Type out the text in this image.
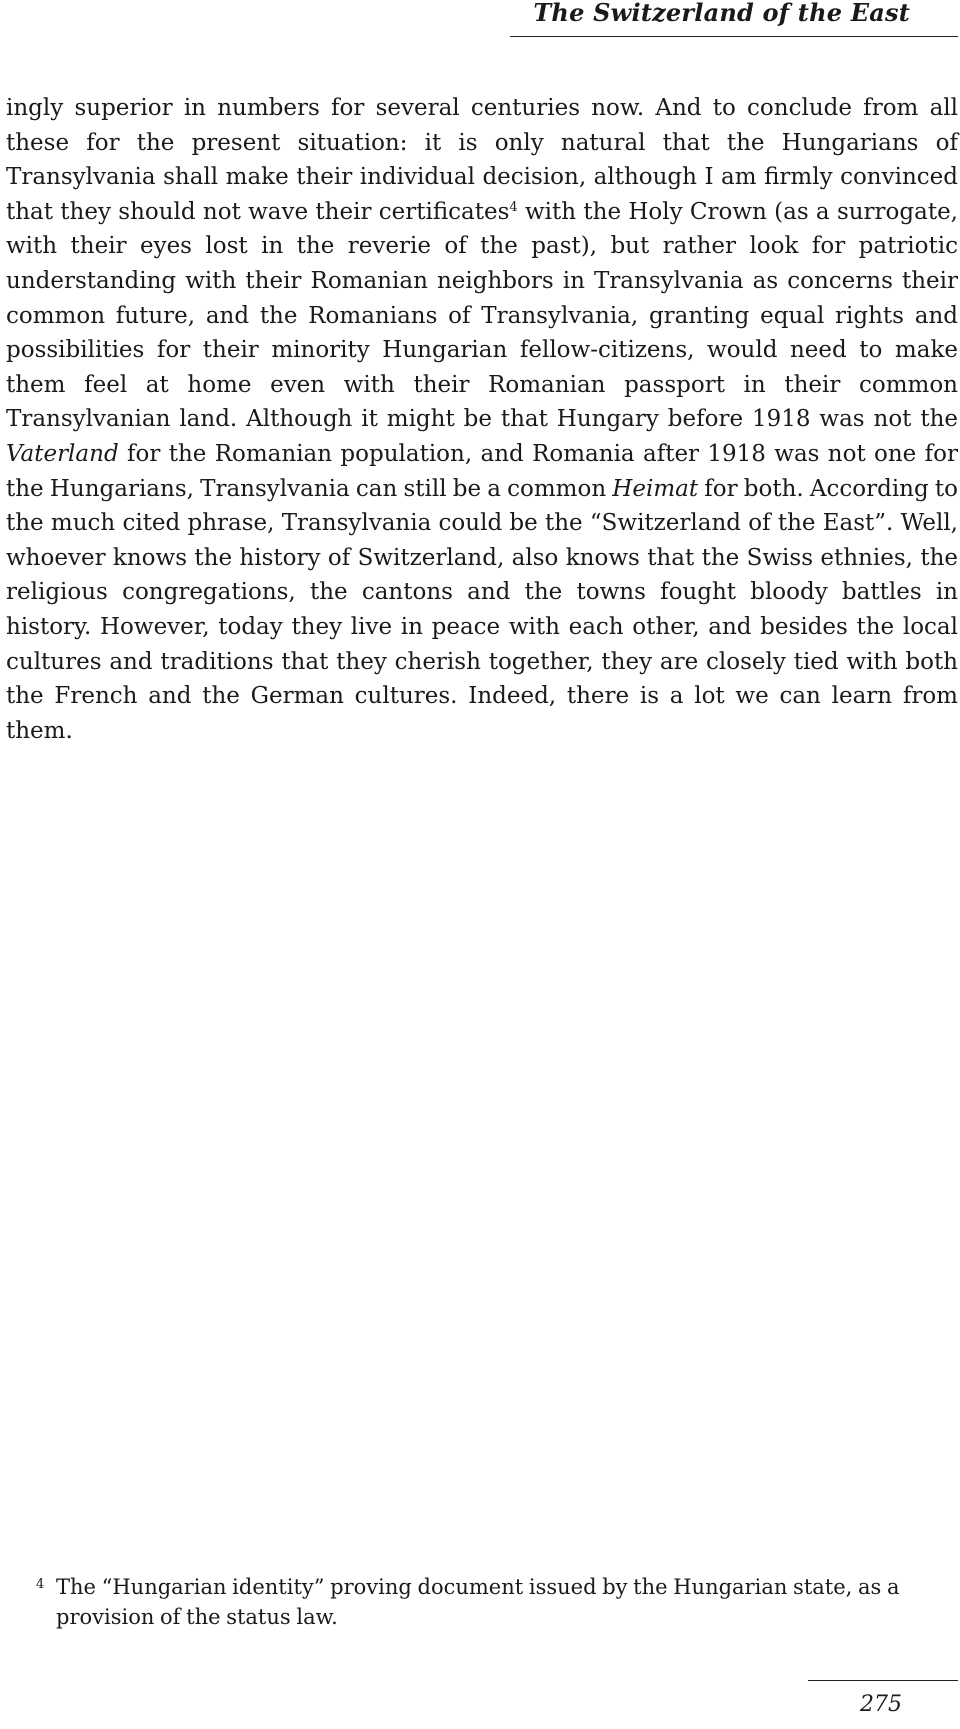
The Switzerland of the East

ingly superior in numbers for several centuries now. And to conclude from all these for the present situation: it is only natural that the Hungarians of Transylvania shall make their individual decision, although I am firmly convinced that they should not wave their certificates$^4$ with the Holy Crown (as a surrogate, with their eyes lost in the reverie of the past), but rather look for patriotic understanding with their Romanian neighbors in Transylvania as concerns their common future, and the Romanians of Transylvania, granting equal rights and possibilities for their minority Hungarian fellow-citizens, would need to make them feel at home even with their Romanian passport in their common Transylvanian land. Although it might be that Hungary before 1918 was not the Vaterland for the Romanian population, and Romania after 1918 was not one for the Hungarians, Transylvania can still be a common Heimat for both. According to the much cited phrase, Transylvania could be the “Switzerland of the East”. Well, whoever knows the history of Switzerland, also knows that the Swiss ethnies, the religious congregations, the cantons and the towns fought bloody battles in history. However, today they live in peace with each other, and besides the local cultures and traditions that they cherish together, they are closely tied with both the French and the German cultures. Indeed, there is a lot we can learn from them.

4 The “Hungarian identity” proving document issued by the Hungarian state, as a provision of the status law.
275
